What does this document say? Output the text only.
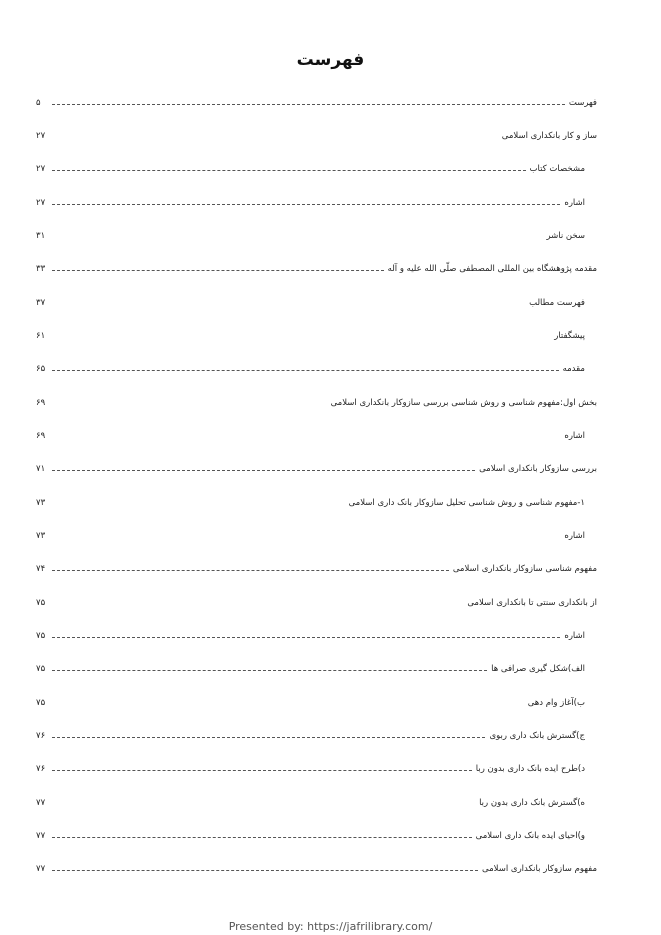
فهرست
فهرست
۵
ساز و کار بانکداری اسلامی
۲۷
مشخصات کتاب
۲۷
اشاره
۲۷
سخن ناشر
۳۱
مقدمه پژوهشگاه بین المللی المصطفی صلّی الله علیه و آله
۳۳
فهرست مطالب
۳۷
پیشگفتار
۶۱
مقدمه
۶۵
بخش اول:مفهوم شناسی و روش شناسی بررسی سازوکار بانکداری اسلامی
۶۹
اشاره
۶۹
بررسی سازوکار بانکداری اسلامی
۷۱
۱-مفهوم شناسی و روش شناسی تحلیل سازوکار بانک داری اسلامی
۷۳
اشاره
۷۳
مفهوم شناسی سازوکار بانکداری اسلامی
۷۴
از بانکداری سنتی تا بانکداری اسلامی
۷۵
اشاره
۷۵
الف)شکل گیری صرافی ها
۷۵
ب)آغاز وام دهی
۷۵
ج)گسترش بانک داری ربوی
۷۶
د)طرح ایده بانک داری بدون ربا
۷۶
ه)گسترش بانک داری بدون ربا
۷۷
و)احیای ایده بانک داری اسلامی
۷۷
مفهوم سازوکار بانکداری اسلامی
۷۷
Presented by: https://jafrilibrary.com/
